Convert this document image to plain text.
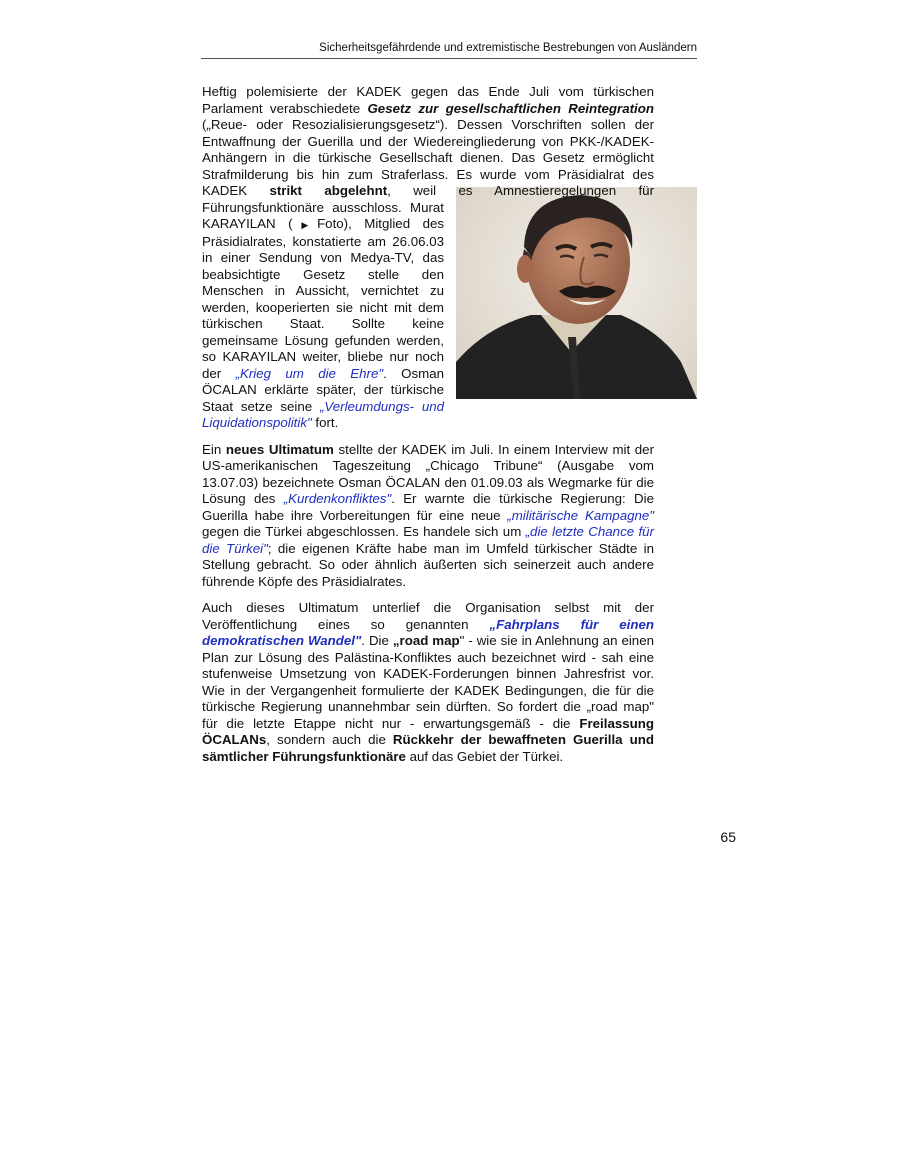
Sicherheitsgefährdende und extremistische Bestrebungen von Ausländern

Heftig polemisierte der KADEK gegen das Ende Juli vom türkischen Parlament verabschiedete Gesetz zur gesellschaftlichen Reintegration („Reue- oder Resozialisierungsgesetz“). Dessen Vorschriften sollen der Entwaffnung der Guerilla und der Wiedereingliederung von PKK-/KADEK-Anhängern in die türkische Gesellschaft dienen. Das Gesetz ermöglicht Strafmilderung bis hin zum Straferlass. Es wurde vom Präsidialrat des KADEK
strikt abgelehnt, weil es Amnestieregelungen für Führungsfunktionäre ausschloss. Murat KARAYILAN (▶Foto), Mitglied des Präsidialrates, konstatierte am 26.06.03 in einer Sendung von Medya-TV, das beabsichtigte Gesetz stelle den Menschen in Aussicht, vernichtet zu werden, kooperierten sie nicht mit dem türkischen Staat. Sollte keine gemeinsame Lösung gefunden werden, so KARAYILAN weiter, bliebe nur noch der „Krieg um die Ehre". Osman ÖCALAN erklärte später, der türkische Staat setze seine „Verleumdungs- und Liquidationspolitik" fort.

Ein neues Ultimatum stellte der KADEK im Juli. In einem Interview mit der US-amerikanischen Tageszeitung „Chicago Tribune“ (Ausgabe vom 13.07.03) bezeichnete Osman ÖCALAN den 01.09.03 als Wegmarke für die Lösung des „Kurdenkonfliktes". Er warnte die türkische Regierung: Die Guerilla habe ihre Vorbereitungen für eine neue „militärische Kampagne" gegen die Türkei abgeschlossen. Es handele sich um „die letzte Chance für die Türkei"; die eigenen Kräfte habe man im Umfeld türkischer Städte in Stellung gebracht. So oder ähnlich äußerten sich seinerzeit auch andere führende Köpfe des Präsidialrates.

Auch dieses Ultimatum unterlief die Organisation selbst mit der Veröffentlichung eines so genannten „Fahrplans für einen demokratischen Wandel". Die „road map" - wie sie in Anlehnung an einen Plan zur Lösung des Palästina-Konfliktes auch bezeichnet wird - sah eine stufenweise Umsetzung von KADEK-Forderungen binnen Jahresfrist vor. Wie in der Vergangenheit formulierte der KADEK Bedingungen, die für die türkische Regierung unannehmbar sein dürften. So fordert die „road map" für die letzte Etappe nicht nur - erwartungsgemäß - die Freilassung ÖCALANs, sondern auch die Rückkehr der bewaffneten Guerilla und sämtlicher Führungsfunktionäre auf das Gebiet der Türkei.

65
